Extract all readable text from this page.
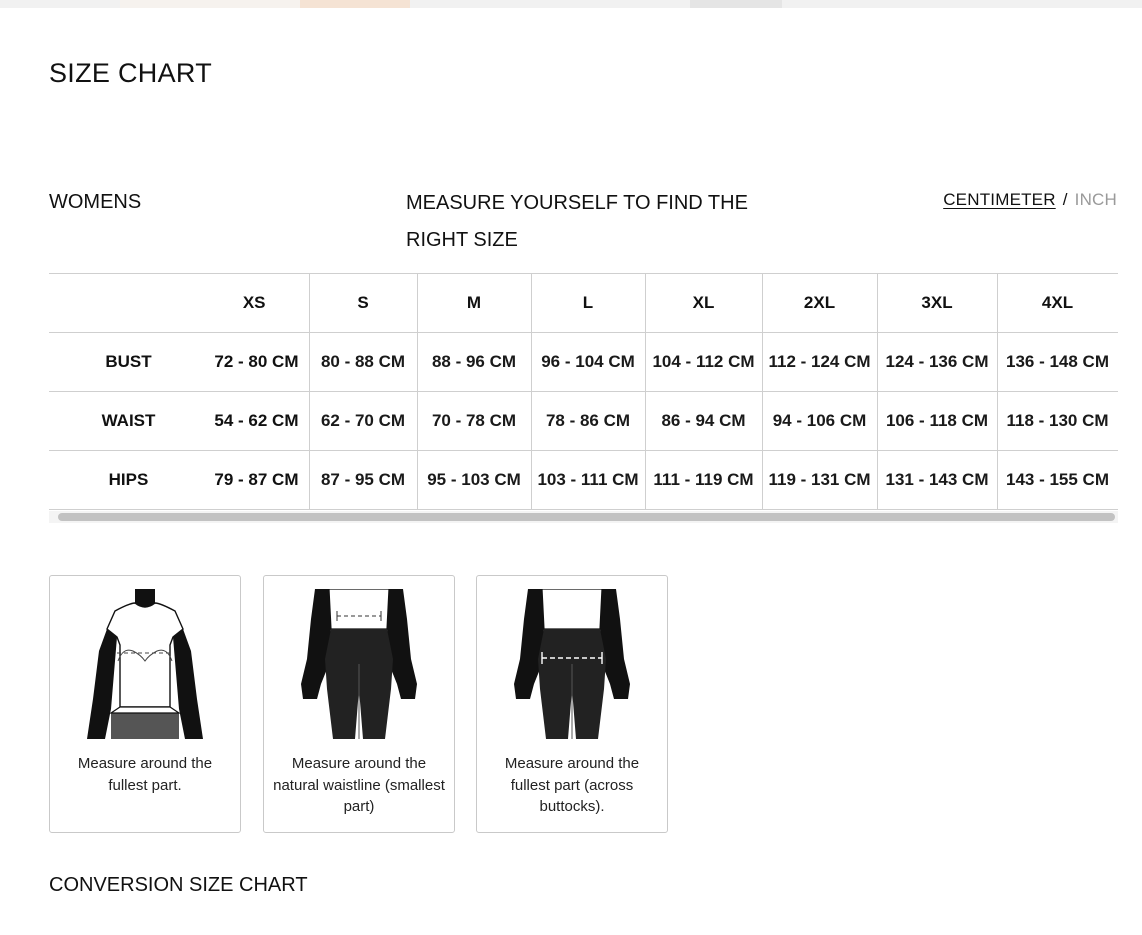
SIZE CHART
WOMENS	MEASURE YOURSELF TO FIND THE RIGHT SIZE
CENTIMETER / INCH
	XS	S	M	L	XL	2XL	3XL	4XL
BUST	72 - 80 CM	80 - 88 CM	88 - 96 CM	96 - 104 CM	104 - 112 CM	112 - 124 CM	124 - 136 CM	136 - 148 CM
WAIST	54 - 62 CM	62 - 70 CM	70 - 78 CM	78 - 86 CM	86 - 94 CM	94 - 106 CM	106 - 118 CM	118 - 130 CM
HIPS	79 - 87 CM	87 - 95 CM	95 - 103 CM	103 - 111 CM	111 - 119 CM	119 - 131 CM	131 - 143 CM	143 - 155 CM
Measure around the fullest part.
Measure around the natural waistline (smallest part)
Measure around the fullest part (across buttocks).
CONVERSION SIZE CHART
